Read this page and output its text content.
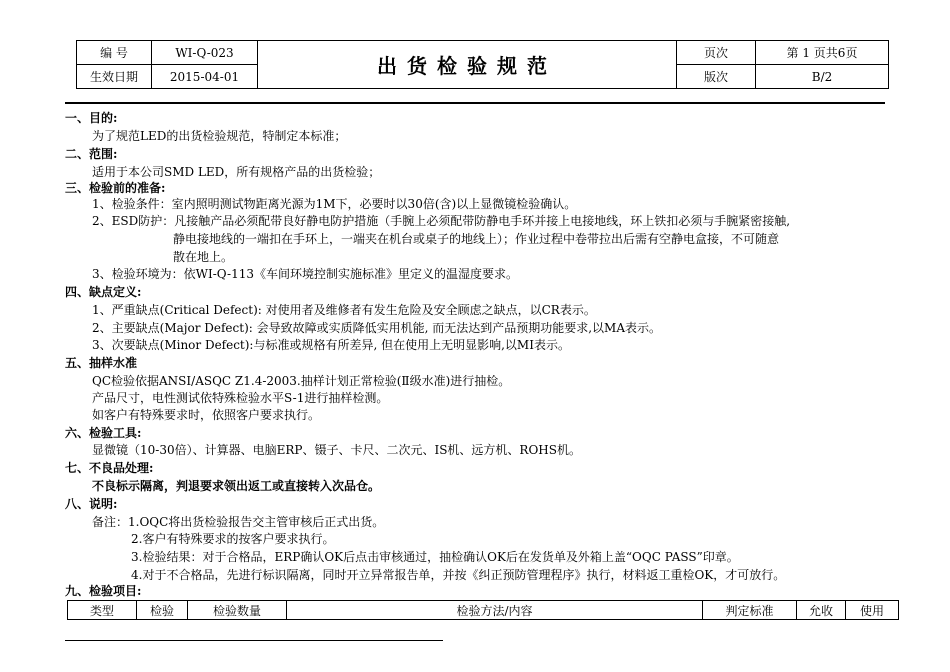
编 号	WI-Q-023	出货检验规范	页次	第 1 页共6页
生效日期	2015-04-01		版次	B/2
一、目的:
为了规范LED的出货检验规范，特制定本标准；
二、范围:
适用于本公司SMD LED，所有规格产品的出货检验；
三、检验前的准备:
1、检验条件：室内照明测试物距离光源为1M下，必要时以30倍(含)以上显微镜检验确认。
2、ESD防护：凡接触产品必须配带良好静电防护措施（手腕上必须配带防静电手环并接上电接地线，环上铁扣必须与手腕紧密接触,
静电接地线的一端扣在手环上，一端夹在机台或桌子的地线上）；作业过程中卷带拉出后需有空静电盒接，不可随意
散在地上。
3、检验环境为：依WI-Q-113《车间环境控制实施标准》里定义的温湿度要求。
四、缺点定义:
1、严重缺点(Critical Defect): 对使用者及维修者有发生危险及安全顾虑之缺点，以CR表示。
2、主要缺点(Major Defect): 会导致故障或实质降低实用机能, 而无法达到产品预期功能要求,以MA表示。
3、次要缺点(Minor Defect):与标准或规格有所差异, 但在使用上无明显影响,以MI表示。
五、抽样水准
QC检验依据ANSI/ASQC Z1.4-2003.抽样计划正常检验(Ⅱ级水准)进行抽检。
产品尺寸，电性测试依特殊检验水平S-1进行抽样检测。
如客户有特殊要求时，依照客户要求执行。
六、检验工具:
显微镜（10-30倍）、计算器、电脑ERP、镊子、卡尺、二次元、IS机、远方机、ROHS机。
七、不良品处理:
不良标示隔离，判退要求领出返工或直接转入次品仓。
八、说明:
备注：1.OQC将出货检验报告交主管审核后正式出货。
2.客户有特殊要求的按客户要求执行。
3.检验结果：对于合格品，ERP确认OK后点击审核通过，抽检确认OK后在发货单及外箱上盖“OQC PASS”印章。
4.对于不合格品，先进行标识隔离，同时开立异常报告单，并按《纠正预防管理程序》执行，材料返工重检OK，才可放行。
九、检验项目:
类型	检验	检验数量	检验方法/内容	判定标准	允收	使用
